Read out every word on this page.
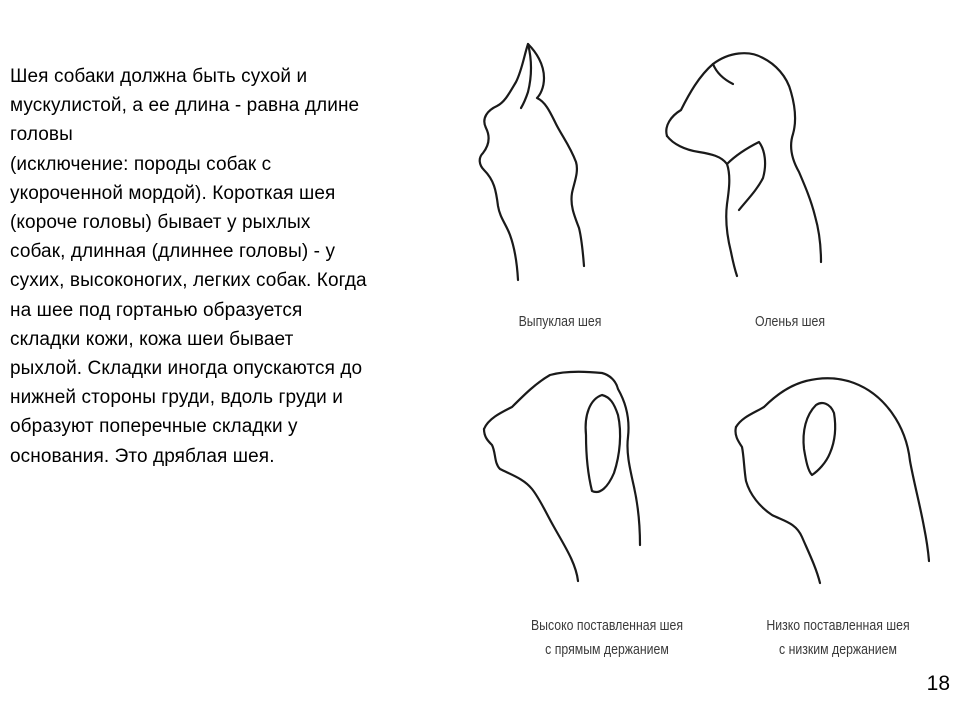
Шея собаки должна быть сухой и
мускулистой, а ее длина - равна длине
головы
(исключение: породы собак с
укороченной мордой). Короткая шея
(короче головы) бывает у рыхлых
собак, длинная (длиннее головы) - у
сухих, высоконогих, легких собак. Когда
на шее под гортанью образуется
складки кожи, кожа шеи бывает
рыхлой. Складки иногда опускаются до
нижней стороны груди, вдоль груди и
образуют поперечные складки у
основания. Это дряблая шея.
Выпуклая шея	Оленья шея
Высоко поставленная шея
с прямым держанием
Низко поставленная шея
с низким держанием
18
